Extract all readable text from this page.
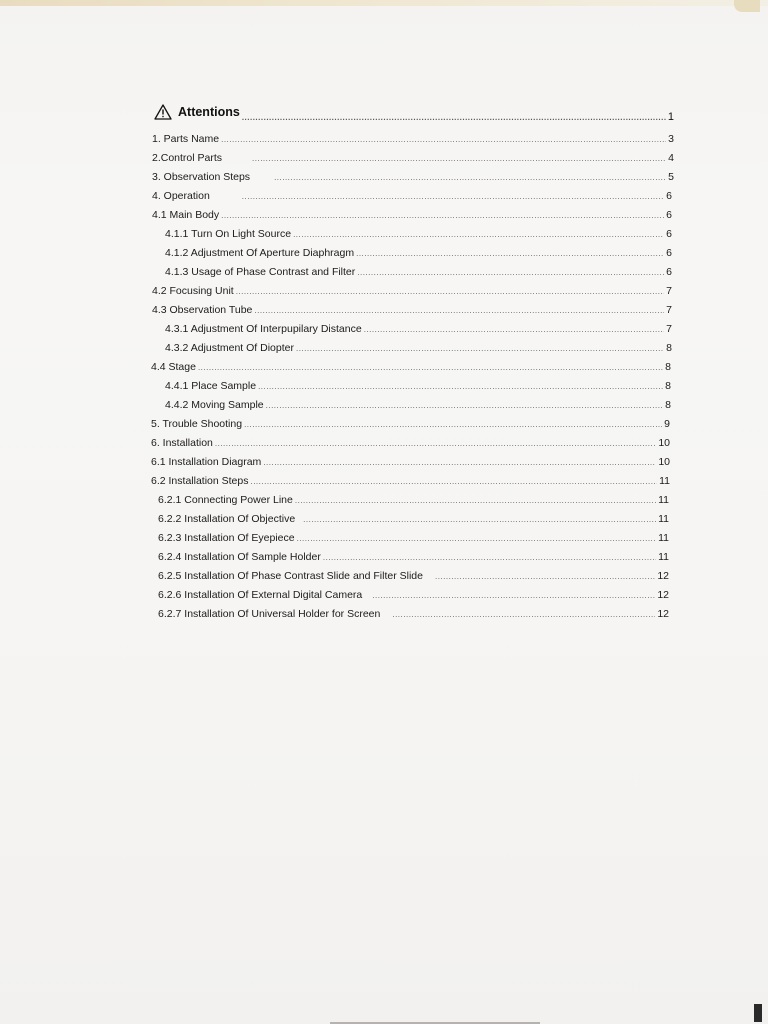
Attentions .....	1
1. Parts Name .....	3
2.Control Parts .....	4
3. Observation Steps .....	5
4. Operation .....	6
4.1 Main Body .....	6
4.1.1 Turn On Light Source .....	6
4.1.2 Adjustment Of Aperture Diaphragm .....	6
4.1.3 Usage of Phase Contrast and Filter .....	6
4.2 Focusing Unit .....	7
4.3 Observation Tube .....	7
4.3.1 Adjustment Of Interpupilary Distance .....	7
4.3.2 Adjustment Of Diopter .....	8
4.4 Stage .....	8
4.4.1 Place Sample .....	8
4.4.2 Moving Sample .....	8
5. Trouble Shooting .....	9
6. Installation .....	10
6.1 Installation Diagram .....	10
6.2 Installation Steps .....	11
6.2.1 Connecting Power Line .....	11
6.2.2 Installation Of Objective .....	11
6.2.3 Installation Of Eyepiece .....	11
6.2.4 Installation Of Sample Holder .....	11
6.2.5 Installation Of Phase Contrast Slide and Filter Slide .....	12
6.2.6 Installation Of External Digital Camera .....	12
6.2.7 Installation Of Universal Holder for Screen .....	12
